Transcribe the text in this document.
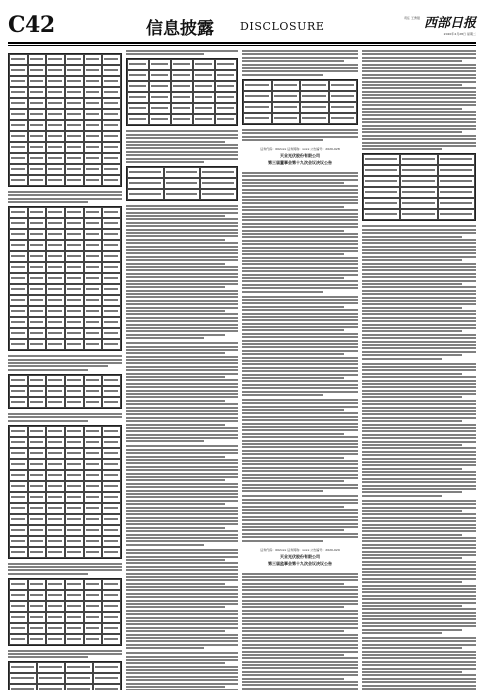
C42	信息披露 DISCLOSURE
责任 王勇强
2020年4月28日 星期二
西部日报
证券代码：002xxx 证券简称：xxxx 公告编号：2020-028
天业光伏股份有限公司
第三届董事会第十九次会议决议公告
证券代码：002xxx 证券简称：xxxx 公告编号：2020-029
天业光伏股份有限公司
第三届监事会第十九次会议决议公告
